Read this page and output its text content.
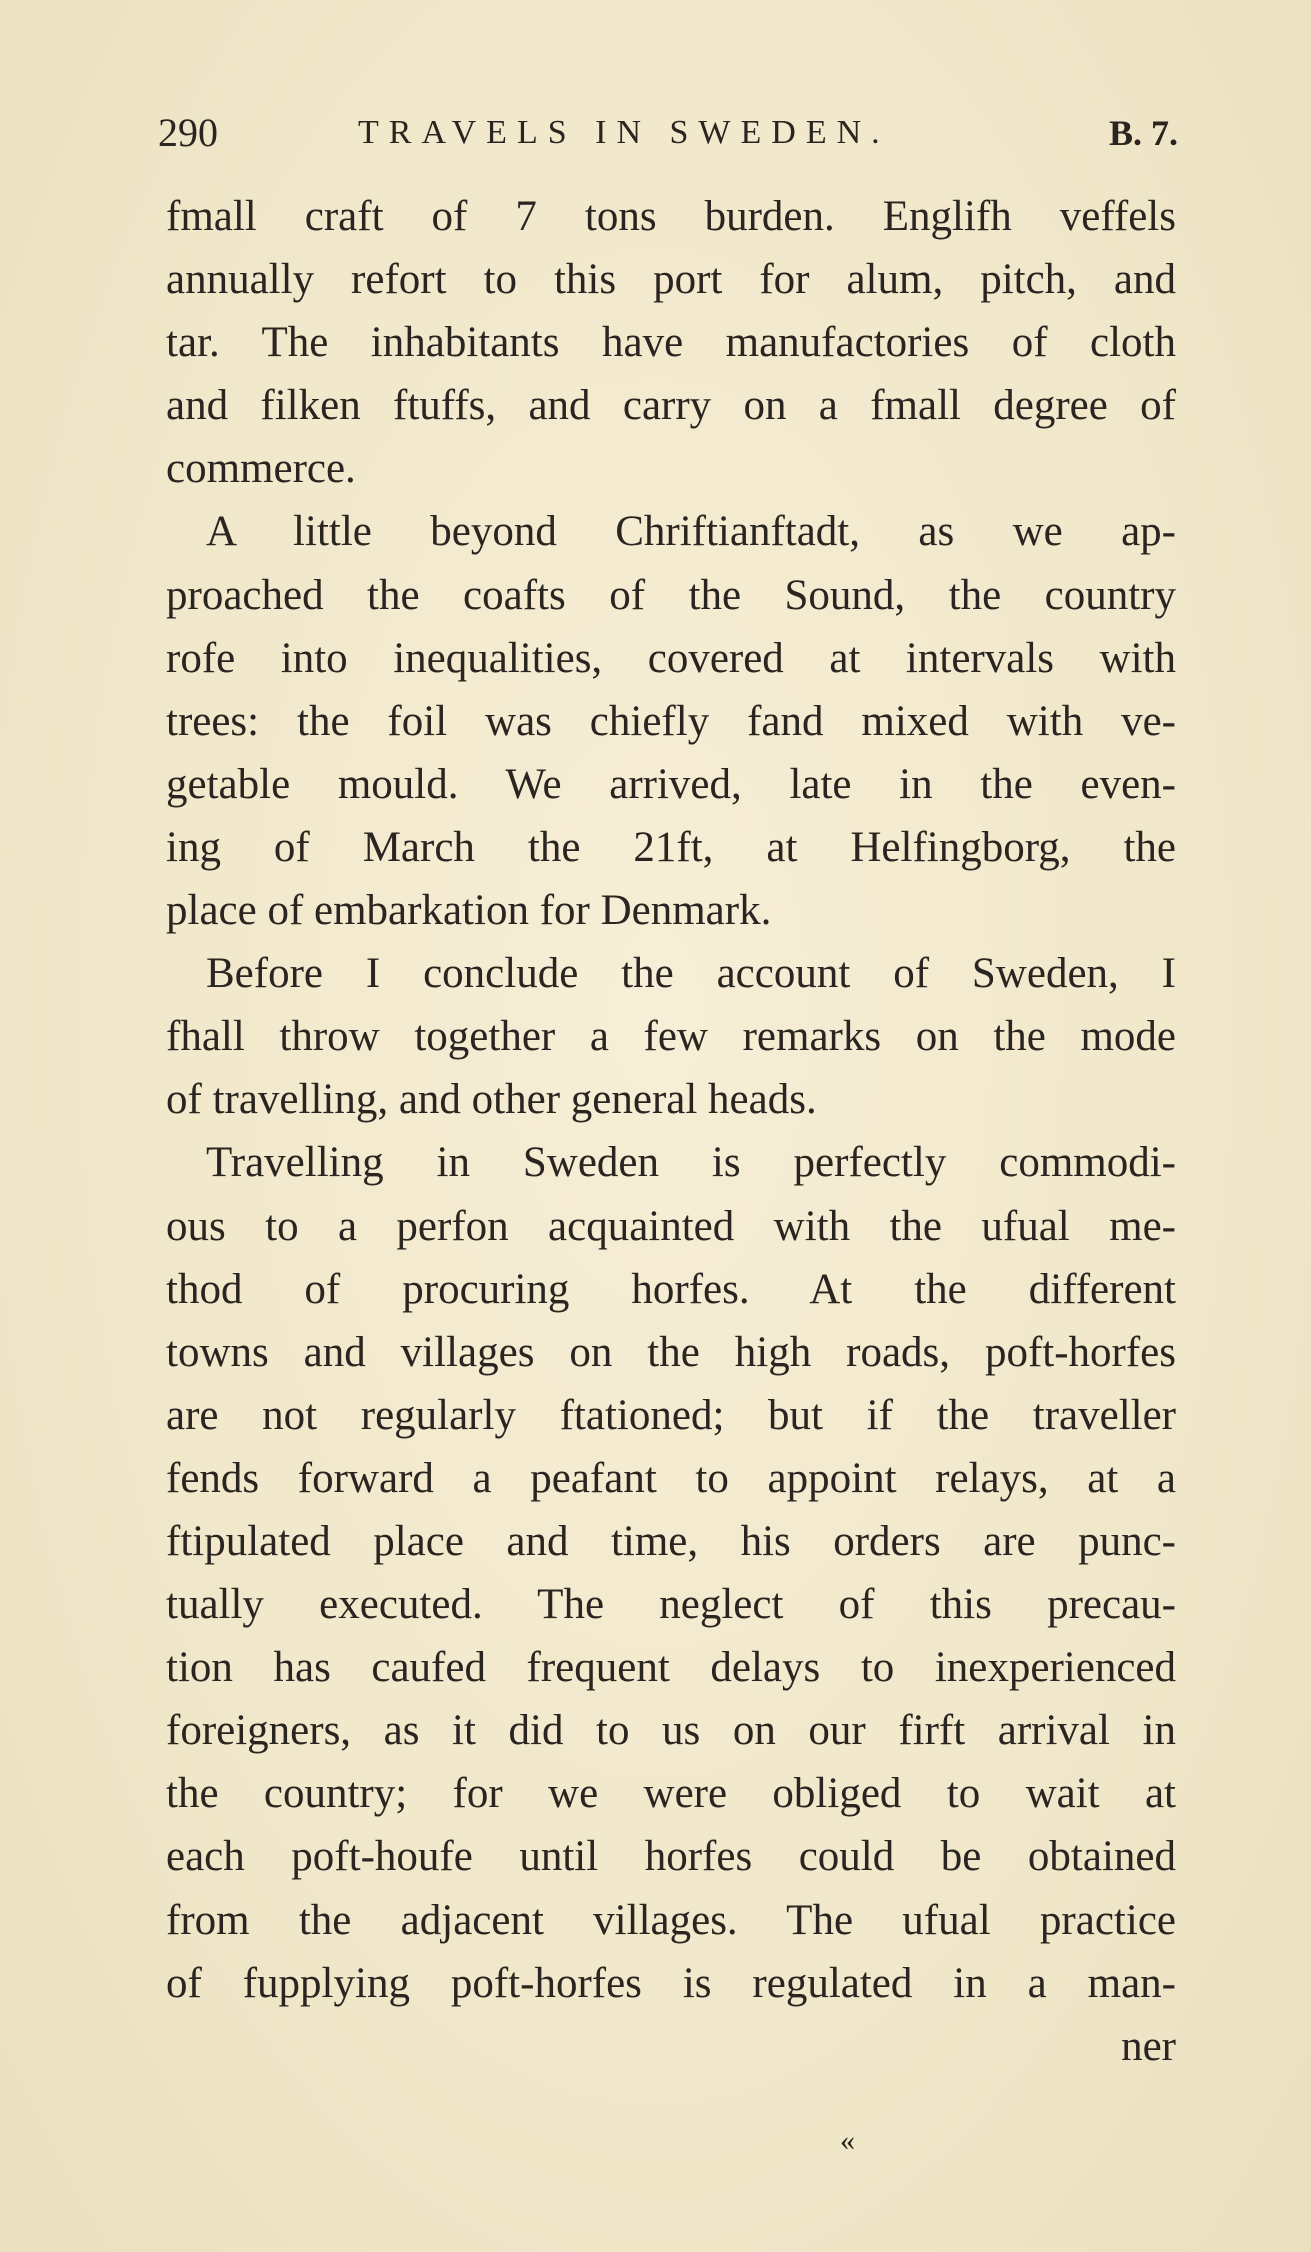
290	TRAVELS IN SWEDEN.	B. 7.
fmall craft of 7 tons burden. Englifh veffels
annually refort to this port for alum, pitch, and
tar. The inhabitants have manufactories of cloth
and filken ftuffs, and carry on a fmall degree of
commerce.
A little beyond Chriftianftadt, as we ap-
proached the coafts of the Sound, the country
rofe into inequalities, covered at intervals with
trees: the foil was chiefly fand mixed with ve-
getable mould. We arrived, late in the even-
ing of March the 21ft, at Helfingborg, the
place of embarkation for Denmark.
Before I conclude the account of Sweden, I
fhall throw together a few remarks on the mode
of travelling, and other general heads.
Travelling in Sweden is perfectly commodi-
ous to a perfon acquainted with the ufual me-
thod of procuring horfes. At the different
towns and villages on the high roads, poft-horfes
are not regularly ftationed; but if the traveller
fends forward a peafant to appoint relays, at a
ftipulated place and time, his orders are punc-
tually executed. The neglect of this precau-
tion has caufed frequent delays to inexperienced
foreigners, as it did to us on our firft arrival in
the country; for we were obliged to wait at
each poft-houfe until horfes could be obtained
from the adjacent villages. The ufual practice
of fupplying poft-horfes is regulated in a man-
ner
«
